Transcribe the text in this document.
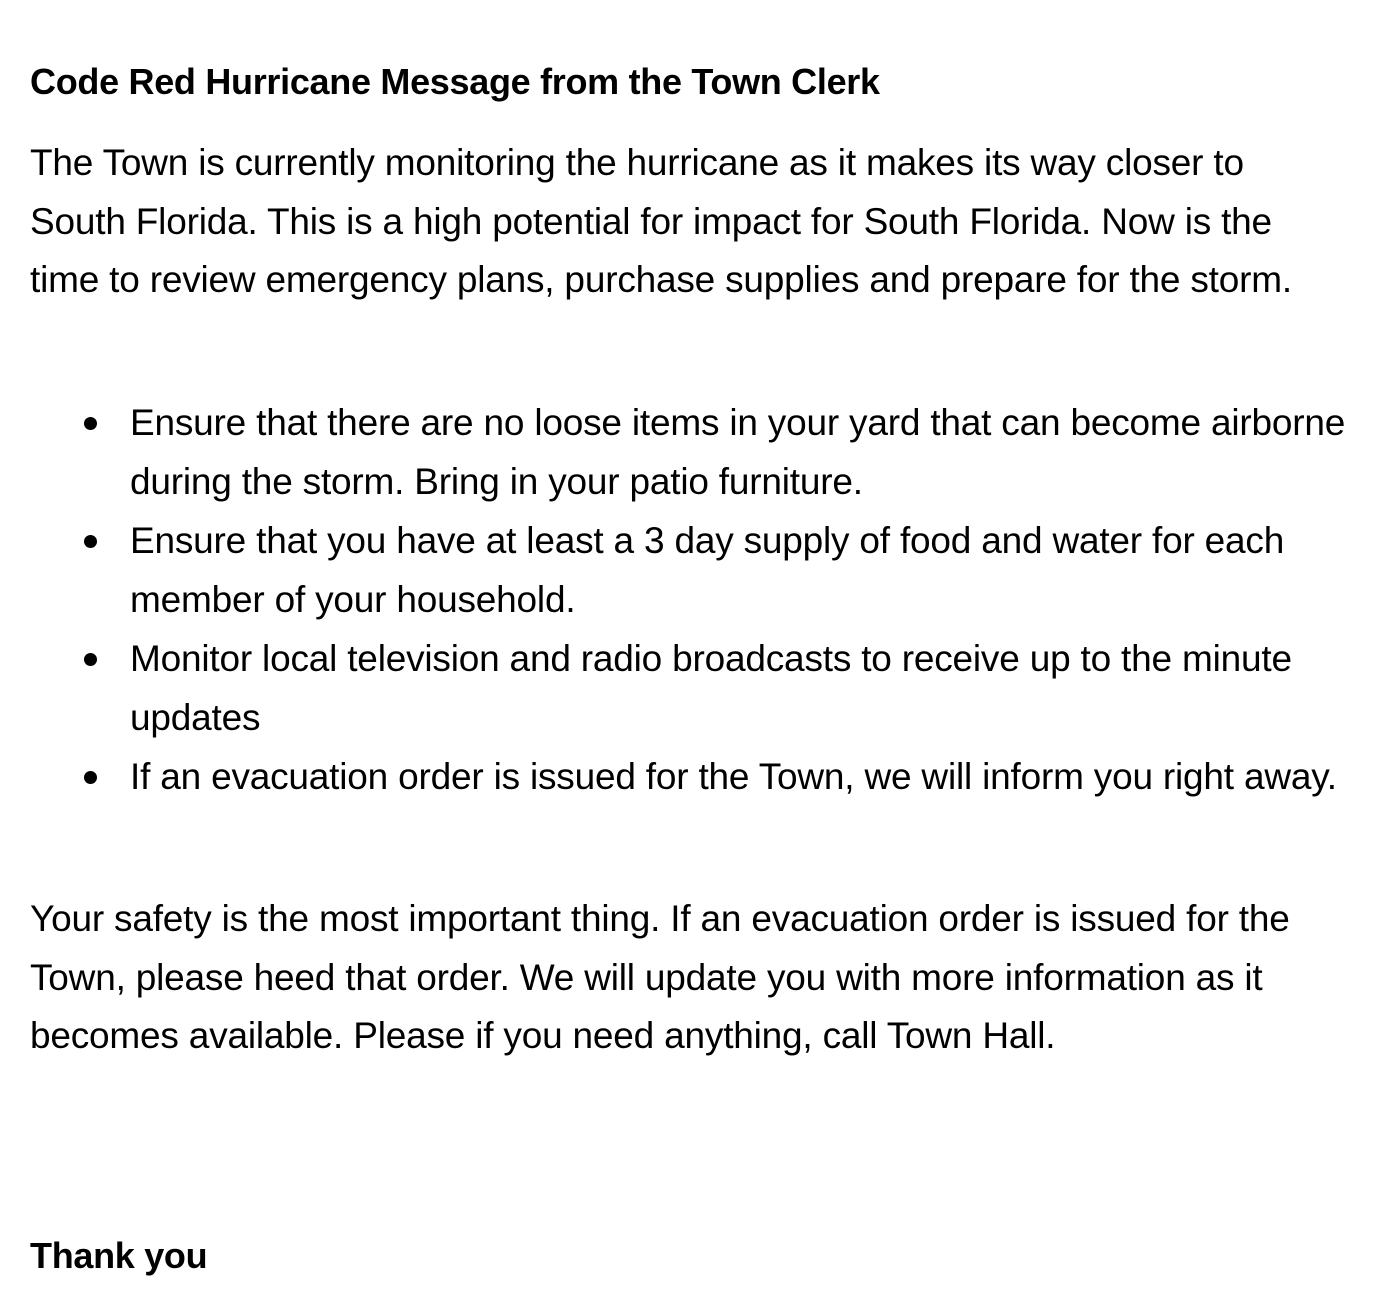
Code Red Hurricane Message from the Town Clerk

The Town is currently monitoring the hurricane as it makes its way closer to South Florida. This is a high potential for impact for South Florida. Now is the time to review emergency plans, purchase supplies and prepare for the storm.

Ensure that there are no loose items in your yard that can become airborne during the storm. Bring in your patio furniture.
Ensure that you have at least a 3 day supply of food and water for each member of your household.
Monitor local television and radio broadcasts to receive up to the minute updates
If an evacuation order is issued for the Town, we will inform you right away.

Your safety is the most important thing. If an evacuation order is issued for the Town, please heed that order. We will update you with more information as it becomes available. Please if you need anything, call Town Hall.

Thank you
